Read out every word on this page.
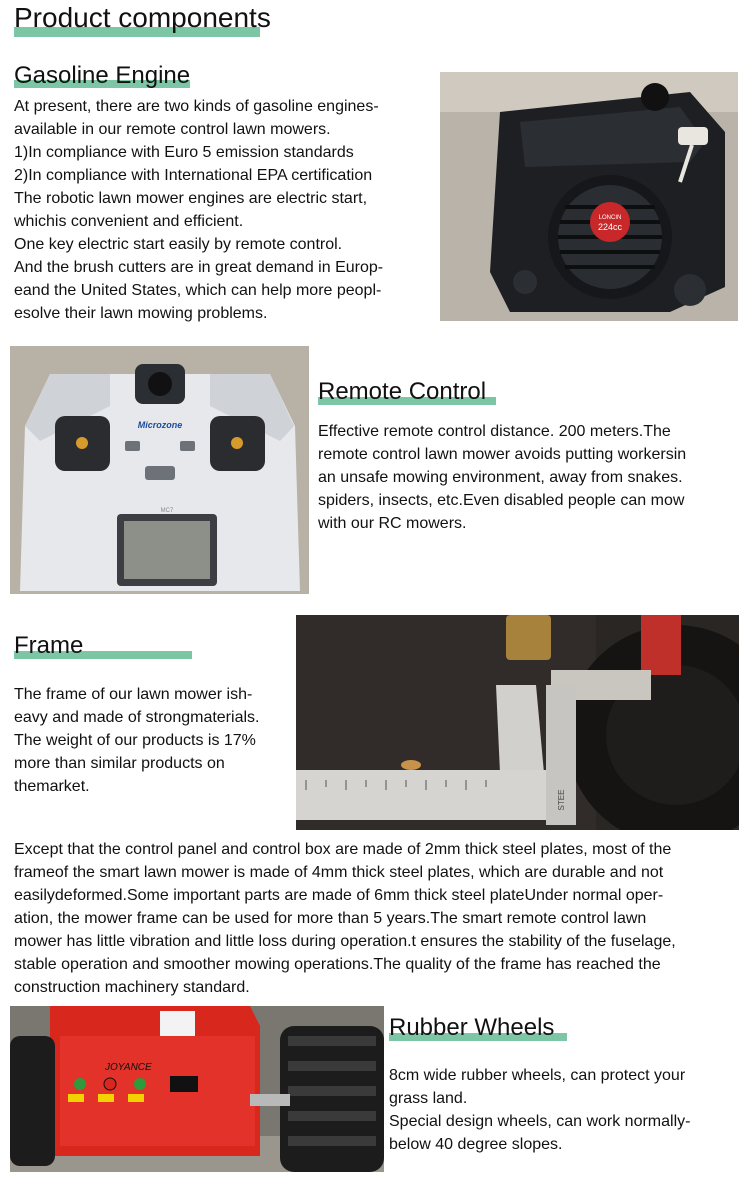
Product components
Gasoline Engine
At present, there are two kinds of gasoline engines-
available in our remote control lawn mowers.
1)In compliance with Euro 5 emission standards
2)In compliance with International EPA certification
The robotic lawn mower engines are electric start,
whichis convenient and efficient.
One key electric start easily by remote control.
And the brush cutters are in great demand in Europ-
eand the United States, which can help more peopl-
esolve their lawn mowing problems.
LONCIN
224cc
Microzone
MC7
Remote Control
Effective remote control distance. 200 meters.The
remote control lawn mower avoids putting workersin
an unsafe mowing environment, away from snakes.
spiders, insects, etc.Even disabled people can mow
with our RC mowers.
Frame
The frame of our lawn mower ish-
eavy and made of strongmaterials.
The weight of our products is 17%
more than similar products on
themarket.
STEE
Except that the control panel and control box are made of 2mm thick steel plates, most of the
frameof the smart lawn mower is made of 4mm thick steel plates, which are durable and not
easilydeformed.Some important parts are made of 6mm thick steel plateUnder normal oper-
ation, the mower frame can be used for more than 5 years.The smart remote control lawn
mower has little vibration and little loss during operation.t ensures the stability of the fuselage,
stable operation and smoother mowing operations.The quality of the frame has reached the
construction machinery standard.
JOYANCE
Rubber Wheels
8cm wide rubber wheels, can protect your
grass land.
Special design wheels, can work normally-
below 40 degree slopes.
